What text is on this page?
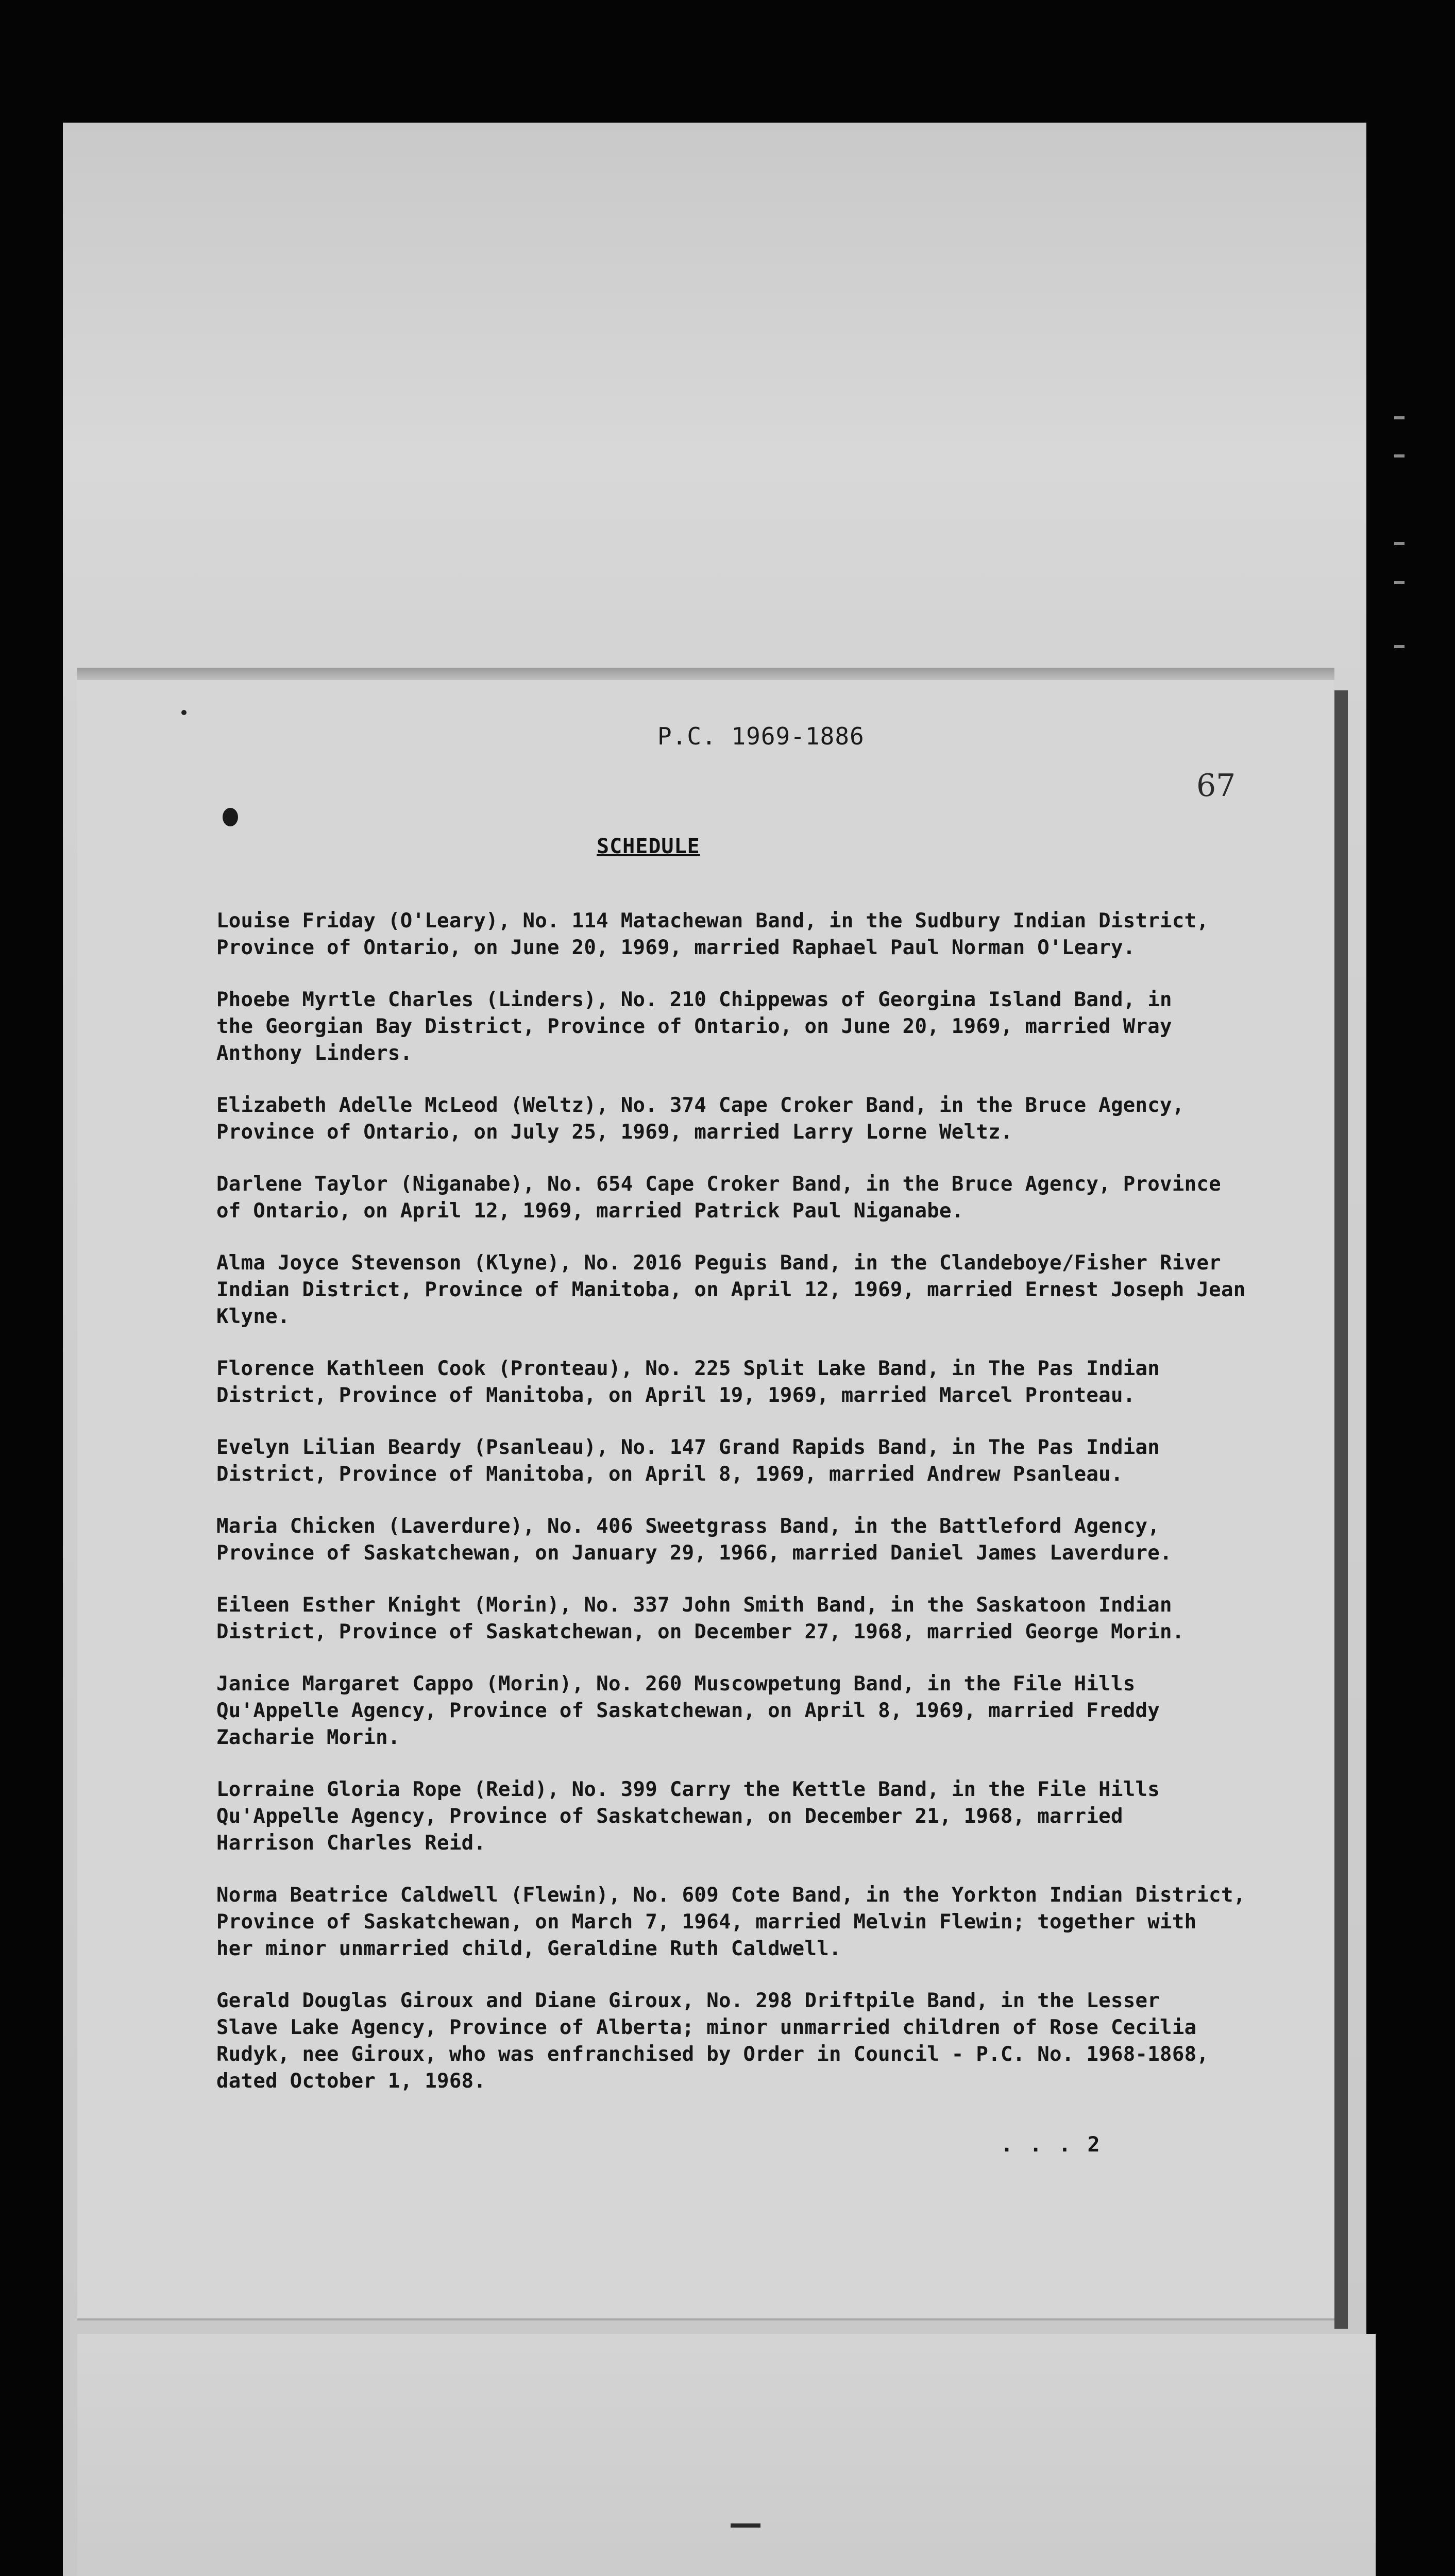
P.C. 1969-1886
67
SCHEDULE
Louise Friday (O'Leary), No. 114 Matachewan Band, in the Sudbury Indian District,
Province of Ontario, on June 20, 1969, married Raphael Paul Norman O'Leary.
Phoebe Myrtle Charles (Linders), No. 210 Chippewas of Georgina Island Band, in
the Georgian Bay District, Province of Ontario, on June 20, 1969, married Wray
Anthony Linders.
Elizabeth Adelle McLeod (Weltz), No. 374 Cape Croker Band, in the Bruce Agency,
Province of Ontario, on July 25, 1969, married Larry Lorne Weltz.
Darlene Taylor (Niganabe), No. 654 Cape Croker Band, in the Bruce Agency, Province
of Ontario, on April 12, 1969, married Patrick Paul Niganabe.
Alma Joyce Stevenson (Klyne), No. 2016 Peguis Band, in the Clandeboye/Fisher River
Indian District, Province of Manitoba, on April 12, 1969, married Ernest Joseph Jean
Klyne.
Florence Kathleen Cook (Pronteau), No. 225 Split Lake Band, in The Pas Indian
District, Province of Manitoba, on April 19, 1969, married Marcel Pronteau.
Evelyn Lilian Beardy (Psanleau), No. 147 Grand Rapids Band, in The Pas Indian
District, Province of Manitoba, on April 8, 1969, married Andrew Psanleau.
Maria Chicken (Laverdure), No. 406 Sweetgrass Band, in the Battleford Agency,
Province of Saskatchewan, on January 29, 1966, married Daniel James Laverdure.
Eileen Esther Knight (Morin), No. 337 John Smith Band, in the Saskatoon Indian
District, Province of Saskatchewan, on December 27, 1968, married George Morin.
Janice Margaret Cappo (Morin), No. 260 Muscowpetung Band, in the File Hills
Qu'Appelle Agency, Province of Saskatchewan, on April 8, 1969, married Freddy
Zacharie Morin.
Lorraine Gloria Rope (Reid), No. 399 Carry the Kettle Band, in the File Hills
Qu'Appelle Agency, Province of Saskatchewan, on December 21, 1968, married
Harrison Charles Reid.
Norma Beatrice Caldwell (Flewin), No. 609 Cote Band, in the Yorkton Indian District,
Province of Saskatchewan, on March 7, 1964, married Melvin Flewin; together with
her minor unmarried child, Geraldine Ruth Caldwell.
Gerald Douglas Giroux and Diane Giroux, No. 298 Driftpile Band, in the Lesser
Slave Lake Agency, Province of Alberta; minor unmarried children of Rose Cecilia
Rudyk, nee Giroux, who was enfranchised by Order in Council - P.C. No. 1968-1868,
dated October 1, 1968.
. . . 2
